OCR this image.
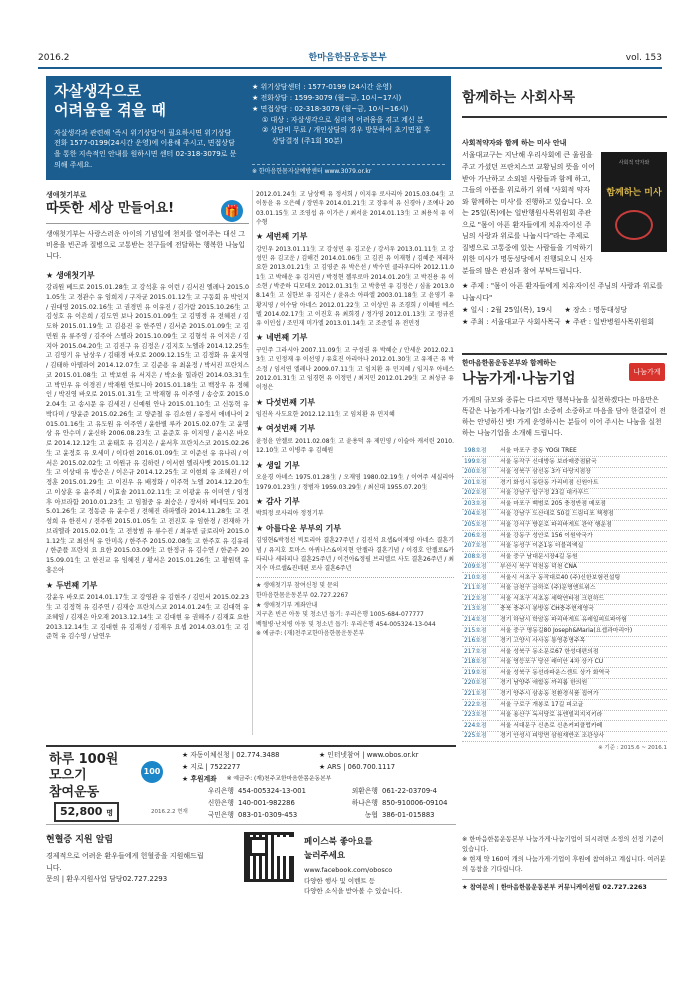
2016.2	한마음한몸운동본부	vol. 153
자살생각으로
어려움을 겪을 때
자살생각과 관련해 '즉시 위기상담'이 필요하시면 위기상담 전화 1577-0199(24시간 운영)에 이용해 주시고, 면접상담을 통한 지속적인 안내를 원하시면 센터 02-318-3079로 문의해 주세요.
★ 위기상담센터 : 1577-0199 (24시간 운영)
★ 전화상담 : 1599-3079 (월~금, 10시~17시)
★ 면접상담 : 02-318-3079 (월~금, 10시~16시)
① 대상 : 자살생각으로 심리적 어려움을 겪고 계신 분
② 상담비 무료 / 개인상담의 경우 방문하여 초기면접 후
상담결정 (주1회 50분)
※ 한마음한몸자살예방센터 www.3079.or.kr
🎁
생애첫기부로
따뜻한 세상 만들어요!
생애첫기부는 사랑스러운 아이의 기념일에 천치를 열어주는 대신 그 비용을 빈곤과 질병으로 고통받는 친구들에 전달하는 행복한 나눔입니다.
★ 생애첫기부
강리원 베드로 2015.01.28生 고 강석훈 유 이런 / 김서진 엘레나 2015.01.05生 고 경관수 유 임희지 / 구자균 2015.01.12生 고 구동회 유 박인지 / 권대영 2015.02.16生 고 권경민 유 이유진 / 김가람 2015.10.26生 고 김성호 유 이은희 / 김도연 보나 2015.01.09生 고 김명경 유 전혜진 / 김도하 2015.01.19生 고 김용진 유 한주연 / 김서준 2015.01.09生 고 김민원 유 류주영 / 김주아 스텔라 2015.10.09生 고 김형석 유 이지은 / 김지아 2015.04.20生 고 김진구 유 김정은 / 김지호 노엘라 2014.12.25生 고 김영기 유 남상우 / 김태경 바오로 2009.12.15生 고 김정화 유 윤지영 / 김태하 아델라이 2014.12.07生 고 김준용 유 최윤정 / 박서진 프란치스코 2015.01.08生 고 박보현 유 서지은 / 박소율 힐라린 2014.03.31生 고 박민우 유 이경진 / 박재원 안토니아 2015.01.18生 고 백장우 유 정혜인 / 박진영 바오로 2015.01.31生 고 박재형 유 이주영 / 송승호 2015.02.04生 고 송시문 유 김세진 / 신예원 안나 2015.01.10生 고 신동혁 유 박다미 / 양윤준 2015.02.26生 고 양준철 유 김소현 / 유정서 애녜나이 2015.01.16生 고 유도원 유 이주연 / 윤한별 루카 2015.02.07生 고 윤명상 유 안수미 / 윤신하 2006.08.23生 고 윤준호 유 이지영 / 윤시온 바오로 2014.12.12生 고 윤태호 유 김지은 / 윤서후 프란치스코 2015.02.26生 고 윤정호 유 오세미 / 이다현 2016.01.09生 고 이준선 유 유나리 / 이서은 2015.02.02生 고 이원규 유 김하린 / 이서현 엘리사벳 2015.01.12生 고 이상대 유 방승은 / 이은규 2014.12.25生 고 이현희 유 조혜진 / 이정훈 2015.01.29生 고 이진우 유 배정화 / 이주혁 노엘 2014.12.20生 고 이상훈 유 윤주희 / 이효솔 2011.02.11生 고 이광윤 유 이미연 / 임정후 아브라함 2010.01.23生 고 임철중 유 최승은 / 장서하 베네딕도 2015.01.26生 고 정동준 유 윤수진 / 전혜진 라파엘라 2014.11.28生 고 전성희 유 한진시 / 전주원 2015.01.05生 고 전진호 유 임한경 / 전재하 가브리엘라 2015.02.01生 고 전창범 유 류수진 / 최유빈 글로리아 2015.01.12生 고 최선식 유 안미옥 / 한주주 2015.02.08生 고 한주호 유 김유리 / 한준플 프란치 요 요한 2015.03.09生 고 한정규 유 김수연 / 한준주 2015.09.01生 고 한진교 유 임혜진 / 황서은 2015.01.26生 고 황원택 유 홍은아
★ 두번째 기부
강윤우 바오로 2014.01.17生 고 강영관 유 김현주 / 김민서 2015.02.23生 고 김정혁 유 김주연 / 김재승 프란치스코 2014.01.24生 고 김대혁 유 조혜임 / 김재은 아오재 2013.12.14生 고 김대현 유 권해주 / 김재효 요한 2013.12.14生 고 김대현 유 김재성 / 김재우 요셉 2014.03.01生 고 김준혁 유 김수영 / 남연우
2012.01.24生 고 남상백 유 정서희 / 이지유 로사리아 2015.03.04生 고 이동윤 유 오은혜 / 장연우 2014.01.21生 고 장유석 유 신경아 / 조예나 2003.01.15生 고 조영섭 유 이가은 / 최서윤 2014.01.13生 고 최용석 유 이수형
★ 세번째 기부
강민우 2013.01.11生 고 강성민 유 김고운 / 강서우 2013.01.11生 고 강성민 유 김고운 / 김해건 2014.01.06生 고 김진 유 이재형 / 김혜준 제레자 요한 2013.01.21生 고 김영준 유 박은선 / 박수민 클라우디아 2012.11.01生 고 박해운 유 김지연 / 박정현 젤루로마 2014.01.20生 고 박진용 유 이소현 / 박준하 디모테오 2012.01.31生 고 박충연 유 김정은 / 심율 2013.08.14生 고 심한보 유 김지은 / 윤유소 아파엘 2003.01.18生 고 윤영기 유 황지영 / 이수담 아네스 2012.01.22生 고 이상민 유 조경희 / 이혜원 에스델 2014.02.17生 고 이진호 유 최희경 / 정가영 2012.01.13生 고 정규진 유 이인섭 / 조민재 미가엘 2013.01.14生 고 조준일 유 전민정
★ 네번째 기부
구민주 그라시아 2007.11.09生 고 구성권 유 박혜순 / 안세운 2012.02.13生 고 인정재 유 이선영 / 유효진 아리아나 2012.01.30生 고 유재근 유 박소정 / 임서연 엘레나 2009.07.11生 고 임치환 유 민지혜 / 임지우 아녜스 2012.01.31生 고 임경현 유 이정민 / 최지민 2012.01.29生 고 최성규 유 이정은
★ 다섯번째 기부
임진옥 사도요한 2012.12.11生 고 임치환 유 민지혜
★ 여섯번째 기부
윤정윤 안젤로 2011.02.08生 고 윤용덕 유 제민영 / 이슬아 캐서린 2010.12.10生 고 이병주 유 김혜원
★ 생일 기부
오윤경 아녜스 1975.01.28生 / 오재영 1980.02.19生 / 이여주 세실리아 1979.01.23生 / 정범자 1959.03.29生 / 최신대 1955.07.20生
★ 감사 기부
박희정 로사리아 정정기부
★ 아름다운 부부의 기부
김영현&박정선 빅토리아 결혼27주년 / 김진석 요셉&이재영 아네스 결혼기념 / 유지호 토마스 아퀴나스&이지현 안젤라 결혼기념 / 이경호 안젤로&카타리나 세라피나 결혼25주년 / 이건아&정필 브리엘르 사도 결혼26주년 / 최지수 마르셀&진네핀 로사 결혼6주년
★ 생애첫기부 참여신청 및 문의
한마음한몸운동본부 02.727.2267
★ 생애첫기부 계좌안내
지구촌 빈곤 아동 및 청소년 돕기: 우리은행 1005-684-077777
백혈병·난치병 아동 및 청소년 돕기: 우리은행 454-005324-13-044
※ 예금주: (재)천주교한마음한몸운동본부
함께하는 사회사목
사회적약자와 함께 하는 미사 안내
사회적 약자와
함께하는 미사
서울대교구는 지난해 우리사회에 큰 울림을 주고 가셨던 프란치스코 교황님의 뜻을 이어받아 가난하고 소외된 사람들과 함께 하고, 그들의 아픔을 위로하기 위해 '사회적 약자와 함께하는 미사'를 진행하고 있습니다. 오는 25일(목)에는 일반행원사목위원회 주관으로 "몸이 아픈 환자들에게 치유자이신 주님의 사랑과 위로를 나눕시다"라는 주제로 질병으로 고통중에 있는 사람들을 기억하기 위한 미사가 명동성당에서 진행되오니 신자분들의 많은 관심과 참여 부탁드립니다.
★ 주제 : "몸이 아픈 환자들에게 치유자이신 주님의 사랑과 위로를 나눕시다"
★ 일시 : 2월 25일(목), 19시	★ 장소 : 명동대성당
★ 주최 : 서울대교구 사회사목국 ★ 주관 : 일반병원사목위원회
나눔가게
한마음한몸운동본부와 함께하는
나눔가게·나눔기업
가게의 규모와 종류는 다르지만 행복나눔을 실천하겠다는 마음만은 똑같은 나눔가게·나눔기업! 소중히 소중하고 마음을 담아 한결같이 전하는 안녕하신 벗! 가게 운영하시는 분들이 이어 주시는 나눔을 실천하는 나눔기업을 소개해 드립니다.
198호점	서울 마포구 중동 YOGI TREE
199호점	서울 동작구 신대방동 보라매중점닭국
200호점	서울 성북구 삼선동 3가 다당지점장
201호점	경기 화성시 동탄동 가리비점 신원아트
202호점	서울 강남구 압구정 23길 대가푸드
203호점	서울 마포구 백범로 205 충정반점 메포점
204호점	서울 강남구 도산대로 50길 드림디포 책쟁점
205호점	서울 강서구 방문로 파리바게트 관악 행운점
206호점	서울 강동구 성안로 156 이원약국가
207호점	서울 동성구 이준1동 더블리액실
208호점	서울 중구 남대문시장4길 동원
209호점	부산시 북구 덕천동 덕천 CNA
210호점	서울시 서초구 동작대로40 (주)신한보험컨설팅
211호점	서울 금천구 금하로 (주)문명엔트위스
212호점	서울 서초구 서초동 세탁연타점 크린하드
213호점	충북 충주시 봉방동 CH충주현재영국
214호점	경기 하남시 학암동 파리바게트 유레일피트파아험
215호점	서울 중구 명동길80 Joseph&Maria(요셉과마리아)
216호점	경기 고양시 사사동 통영총명주목
217호점	서울 성북구 동소문로67 한성대편의점
218호점	서울 영등포구 당산 래미안 4차 상가 CU
219호점	서울 성북구 동선라파운스센트 상가 화역국
220호점	경기 남양주 애합동 까리롭 한의원
221호점	경기 양주시 삼송동 친환경식품 집여가
222호점	서울 구로구 개봉로 17길 피코글
223호점	서울 용산구 독서당로 유엔빌리지지키라
224호점	서울 서대문구 신촌로 신촌커피클럽카페
225호점	경기 안성시 피망면 삼원재반조 조관상사
※ 기준 : 2015.6 ~ 2016.1
하루 100원
모으기
참여운동
100
52,800 명	2016.2.2 현재
★ 자동이체신청 | 02.774.3488	★ 인터넷참여 | www.obos.or.kr
★ 지로 | 7522277	★ ARS | 060.700.1117
★ 후원계좌 ※ 예금주: (재)천주교한마음한몸운동본부
우리은행 454-005324-13-001	외환은행 061-22-03709-4
신한은행 140-001-982286	하나은행 850-910006-09104
국민은행 083-01-0309-453	농협 386-01-015883
현혈증 지원 알림
경제적으로 어려운 환우들에게 헌혈증을 지원해드립니다.
문의 | 환우지원사업 담당02.727.2293
페이스북 좋아요를
눌러주세요
www.facebook.com/obosco
다양한 행사 및 이벤트 등
다양한 소식을 받아볼 수 있습니다.
※ 한마음한몸운동본부 나눔가게·나눔기업이 되시려면 소정의 선정 기준이 있습니다.
※ 현재 약 160여 개의 나눔가게·기업이 후원에 참여하고 계십니다. 여러분의 동참을 기다립니다.
★ 참여문의 | 한마음한몸운동본부 커뮤니케이션팀 02.727.2263
